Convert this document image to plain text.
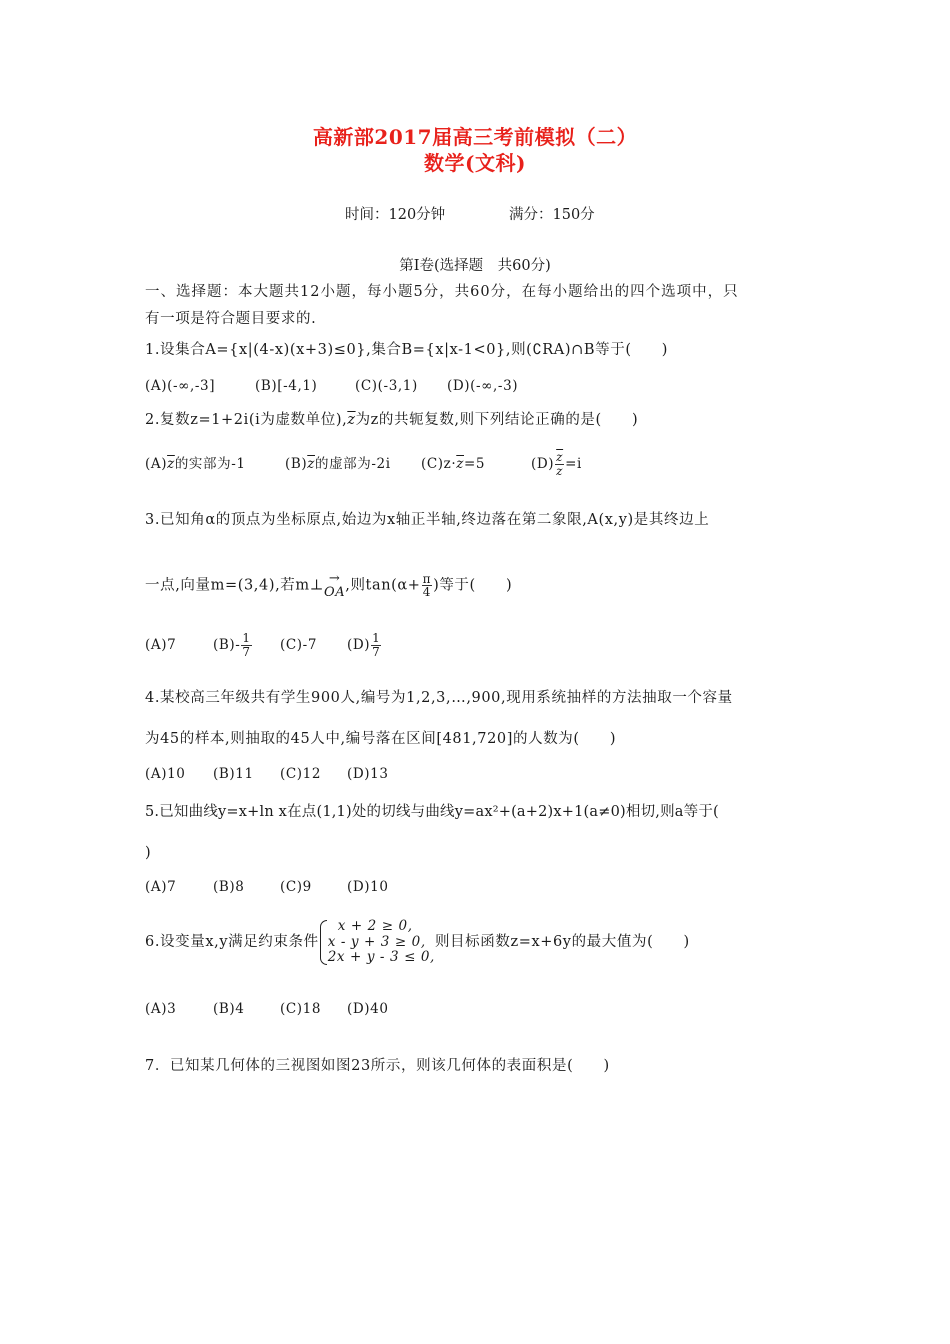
高新部2017届高三考前模拟（二）
数学(文科)
时间：120分钟	满分：150分
第Ⅰ卷(选择题　共60分)
一、选择题：本大题共12小题，每小题5分，共60分，在每小题给出的四个选项中，只
有一项是符合题目要求的.
1.设集合A={x|(4-x)(x+3)≤0},集合B={x|x-1<0},则(∁RA)∩B等于(　　)
(A)(-∞,-3]	(B)[-4,1)	(C)(-3,1) (D)(-∞,-3)
2.复数z=1+2i(i为虚数单位)$,\overline{z}$为z的共轭复数,则下列结论正确的是(　　)
$(A)\overline{z}$的实部为-1	$(B)\overline{z}$的虚部为-2i $(C)z\cdot\overline{z}=5$	$(D) \frac{\overline{z}}{z} =i$
3.已知角α的顶点为坐标原点,始边为x轴正半轴,终边落在第二象限,A(x,y)是其终边上
一点,向量m=(3,4),若m⊥ →
OA ,则$\tan(\alpha+ \frac{\pi}{4}$ )等于(　　)
(A)7	$(B)- \frac{1}{7} (C)-7$ $(D) \frac{1}{7}$
4.某校高三年级共有学生900人,编号为1,2,3,…,900,现用系统抽样的方法抽取一个容量
为45的样本,则抽取的45人中,编号落在区间[481,720]的人数为(　　)
(A)10 (B)11 (C)12 (D)13
5.已知曲线y=x+ln x在点(1,1)处的切线与曲线y=ax²+(a+2)x+1(a≠0)相切,则a等于(
)
(A)7	(B)8	(C)9	(D)10
6.设变量x,y满足约束条件
x + 2 ≥ 0,
x - y + 3 ≥ 0,
2x + y - 3 ≤ 0,
则目标函数z=x+6y的最大值为(　　)
(A)3	(B)4	(C)18 (D)40
7．已知某几何体的三视图如图23所示，则该几何体的表面积是(　　)
